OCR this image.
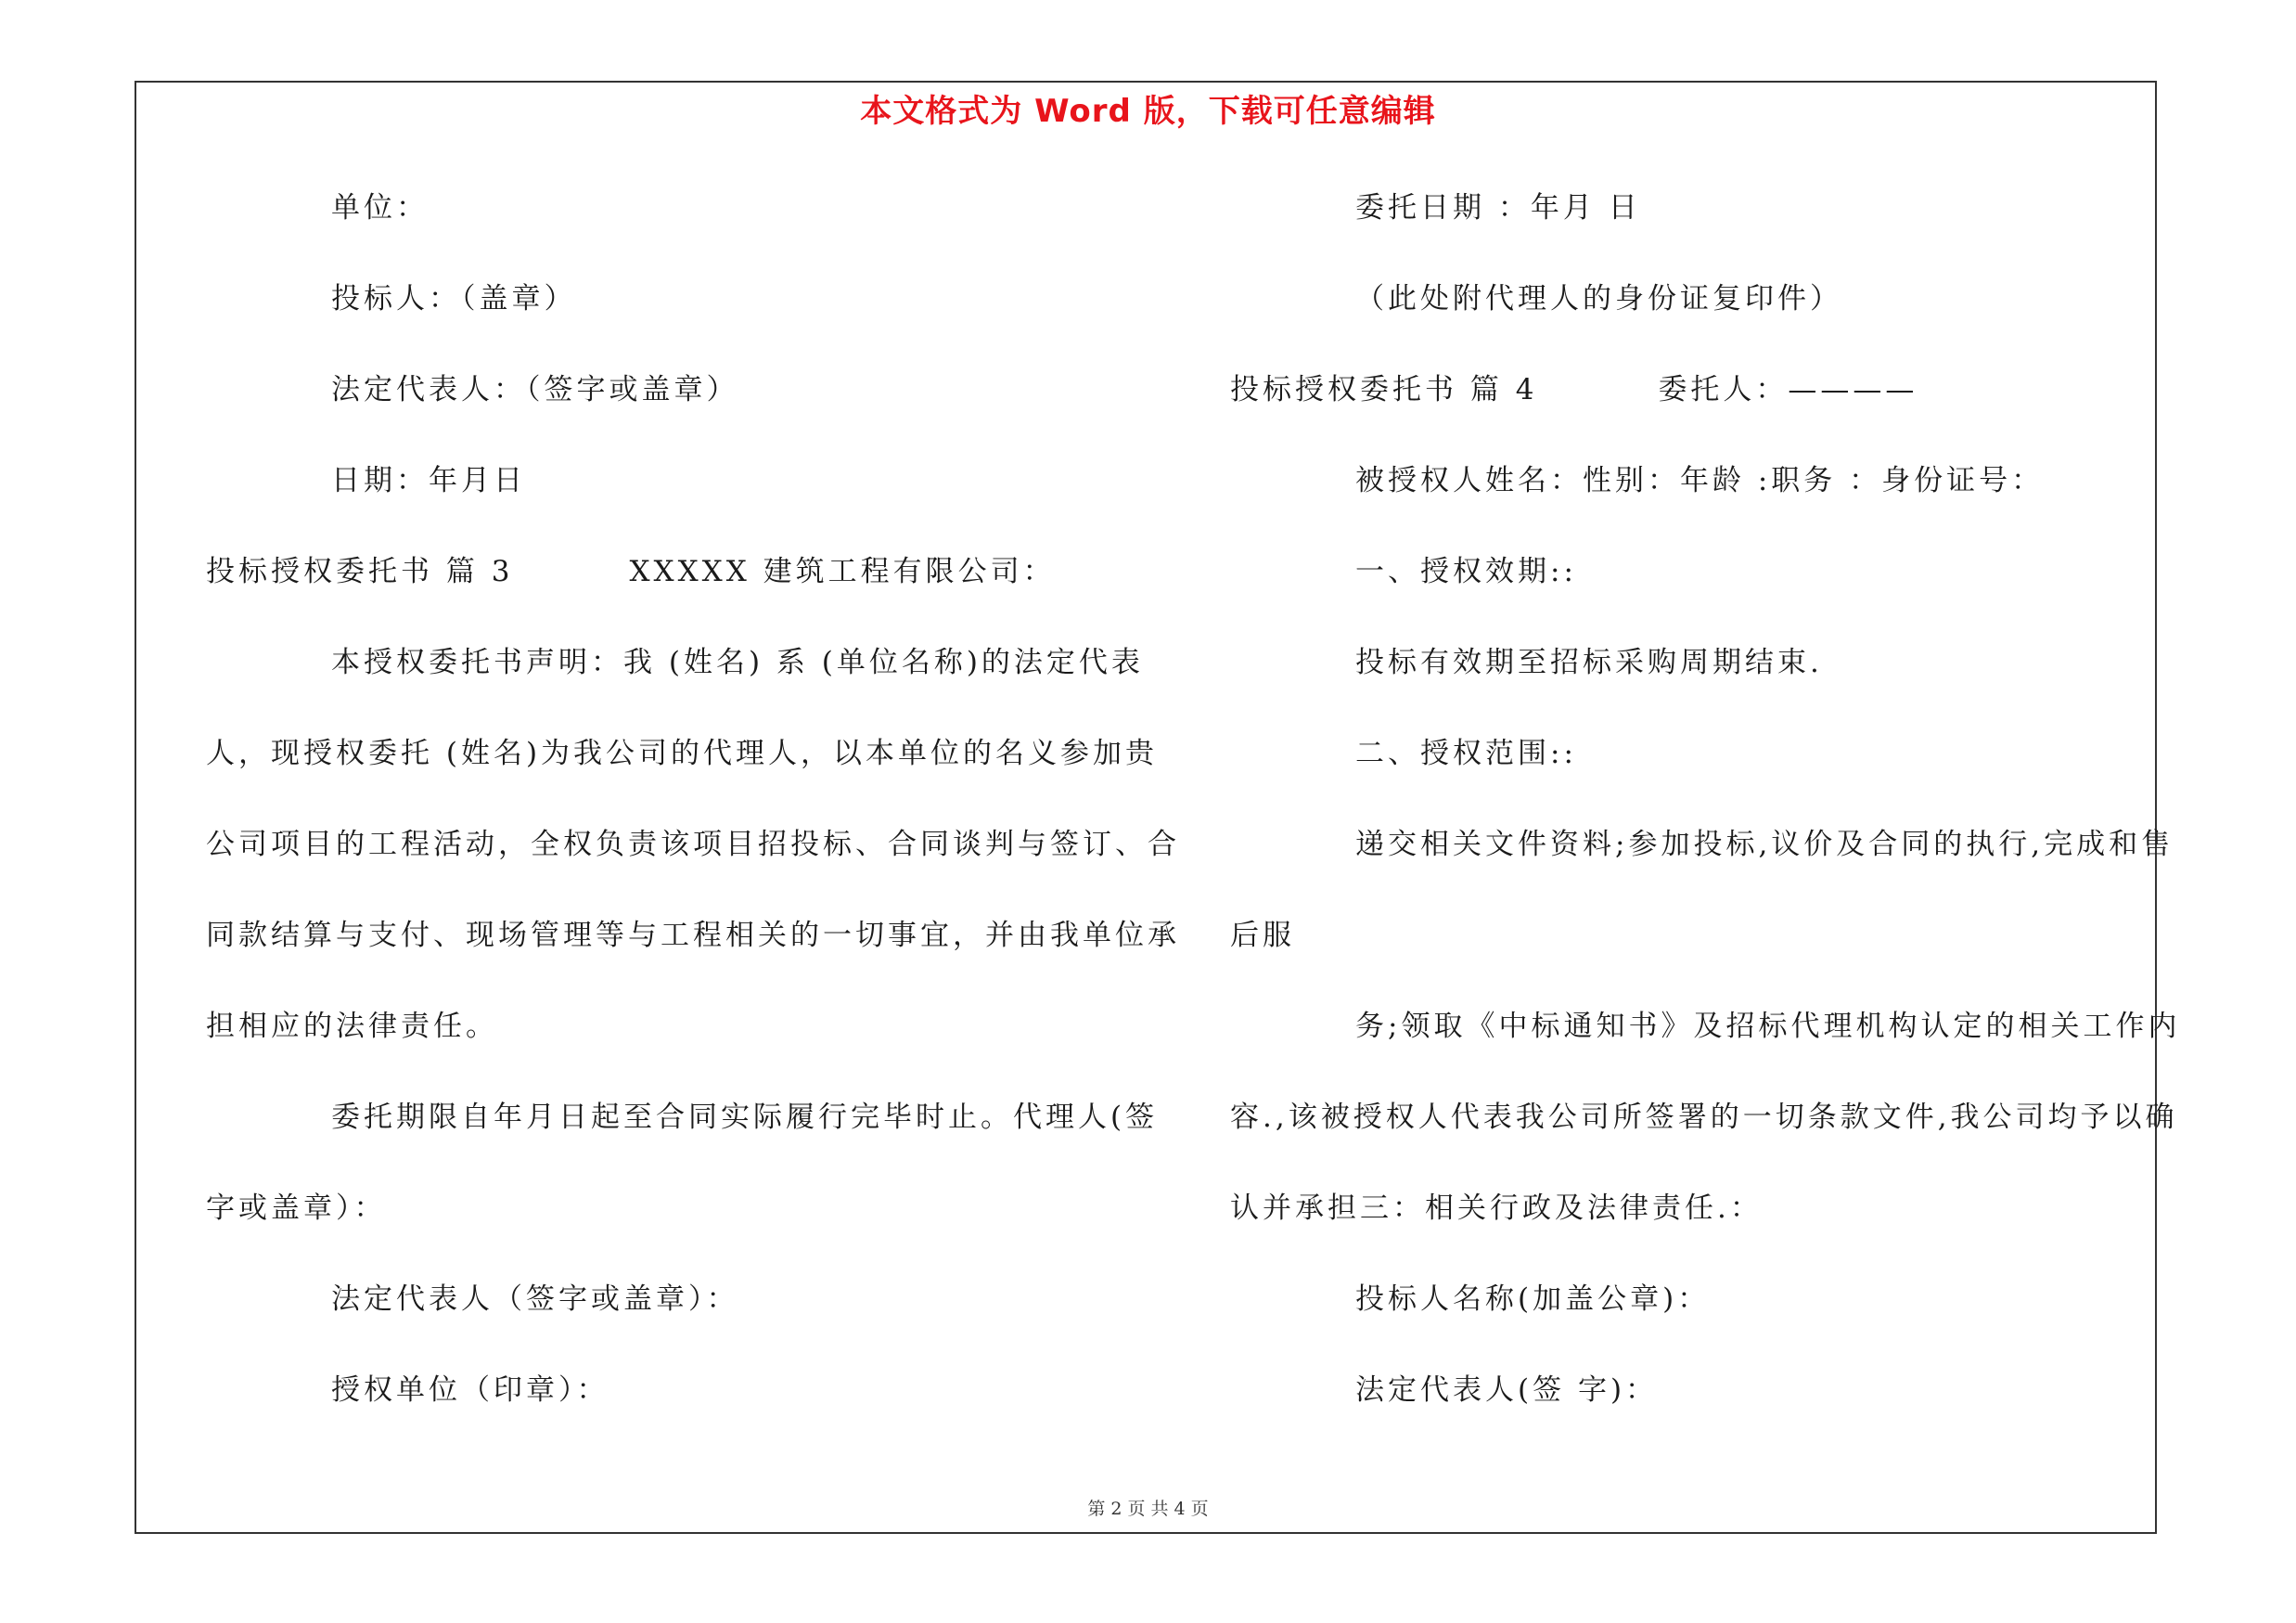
本文格式为 Word 版，下载可任意编辑
单位：
投标人：（盖章）
法定代表人：（签字或盖章）
日期：年月日
投标授权委托书 篇 3	XXXXX 建筑工程有限公司：
本授权委托书声明：我 (姓名) 系 (单位名称)的法定代表
人，现授权委托 (姓名)为我公司的代理人，以本单位的名义参加贵
公司项目的工程活动，全权负责该项目招投标、合同谈判与签订、合
同款结算与支付、现场管理等与工程相关的一切事宜，并由我单位承
担相应的法律责任。
委托期限自年月日起至合同实际履行完毕时止。代理人(签
字或盖章）：
法定代表人（签字或盖章）：
授权单位（印章）：
委托日期 ：年月 日
（此处附代理人的身份证复印件）
投标授权委托书 篇 4	委托人：————
被授权人姓名：性别：年龄 :职务 ：身份证号：
一、授权效期::
投标有效期至招标采购周期结束.
二、授权范围::
递交相关文件资料;参加投标,议价及合同的执行,完成和售
后服
务;领取《中标通知书》及招标代理机构认定的相关工作内
容.,该被授权人代表我公司所签署的一切条款文件,我公司均予以确
认并承担三：相关行政及法律责任.：
投标人名称(加盖公章)：
法定代表人(签 字)：
第 2 页 共 4 页
